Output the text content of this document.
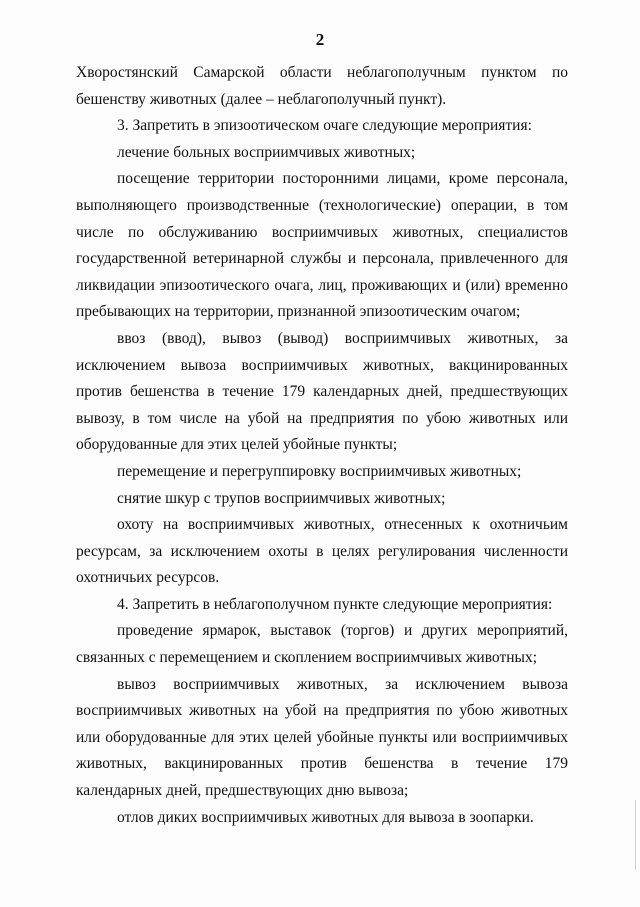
2

Хворостянский Самарской области неблагополучным пунктом по бешенству животных (далее – неблагополучный пункт).

3. Запретить в эпизоотическом очаге следующие мероприятия:

лечение больных восприимчивых животных;

посещение территории посторонними лицами, кроме персонала, выполняющего производственные (технологические) операции, в том числе по обслуживанию восприимчивых животных, специалистов государственной ветеринарной службы и персонала, привлеченного для ликвидации эпизоотического очага, лиц, проживающих и (или) временно пребывающих на территории, признанной эпизоотическим очагом;

ввоз (ввод), вывоз (вывод) восприимчивых животных, за исключением вывоза восприимчивых животных, вакцинированных против бешенства в течение 179 календарных дней, предшествующих вывозу, в том числе на убой на предприятия по убою животных или оборудованные для этих целей убойные пункты;

перемещение и перегруппировку восприимчивых животных;

снятие шкур с трупов восприимчивых животных;

охоту на восприимчивых животных, отнесенных к охотничьим ресурсам, за исключением охоты в целях регулирования численности охотничьих ресурсов.

4. Запретить в неблагополучном пункте следующие мероприятия:

проведение ярмарок, выставок (торгов) и других мероприятий, связанных с перемещением и скоплением восприимчивых животных;

вывоз восприимчивых животных, за исключением вывоза восприимчивых животных на убой на предприятия по убою животных или оборудованные для этих целей убойные пункты или восприимчивых животных, вакцинированных против бешенства в течение 179 календарных дней, предшествующих дню вывоза;

отлов диких восприимчивых животных для вывоза в зоопарки.
